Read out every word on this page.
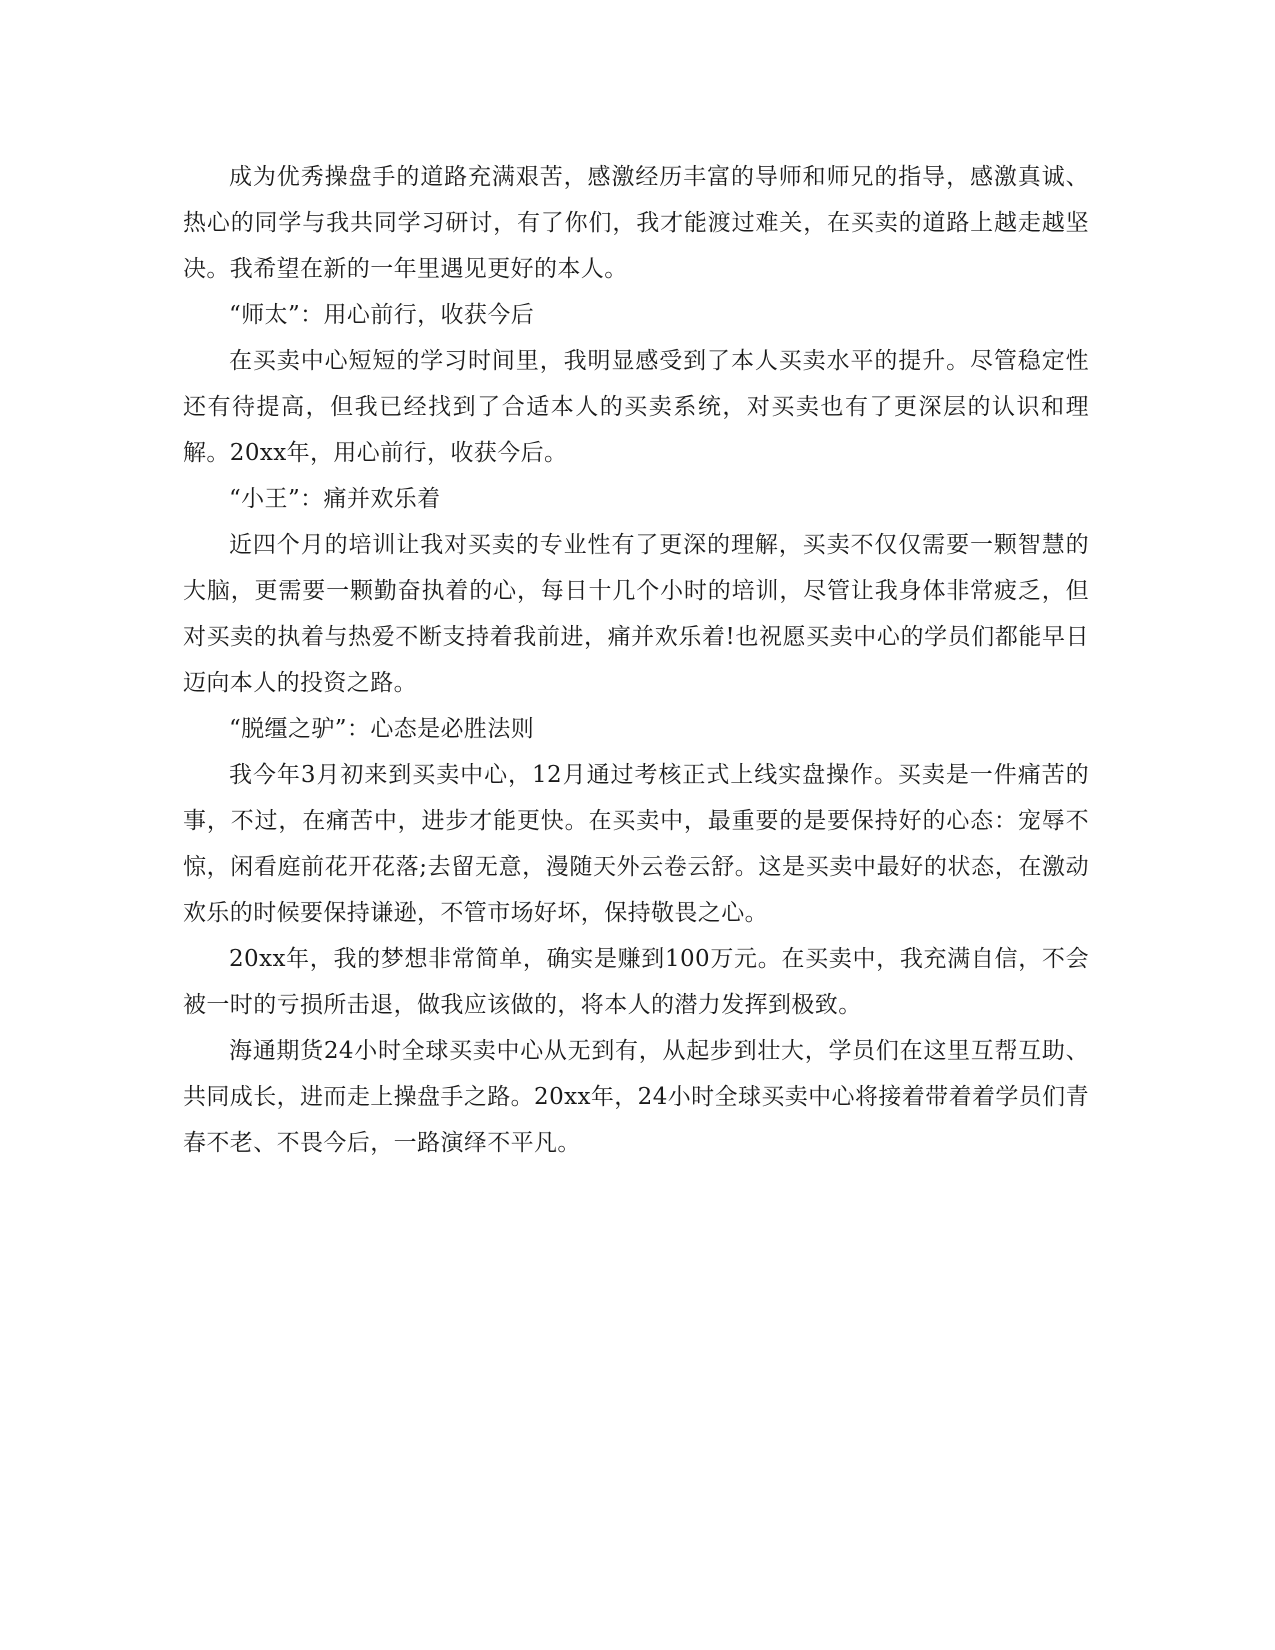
成为优秀操盘手的道路充满艰苦，感激经历丰富的导师和师兄的指导，感激真诚、热心的同学与我共同学习研讨，有了你们，我才能渡过难关，在买卖的道路上越走越坚决。我希望在新的一年里遇见更好的本人。

“师太”：用心前行，收获今后

在买卖中心短短的学习时间里，我明显感受到了本人买卖水平的提升。尽管稳定性还有待提高，但我已经找到了合适本人的买卖系统，对买卖也有了更深层的认识和理解。20xx年，用心前行，收获今后。

“小王”：痛并欢乐着

近四个月的培训让我对买卖的专业性有了更深的理解，买卖不仅仅需要一颗智慧的大脑，更需要一颗勤奋执着的心，每日十几个小时的培训，尽管让我身体非常疲乏，但对买卖的执着与热爱不断支持着我前进，痛并欢乐着!也祝愿买卖中心的学员们都能早日迈向本人的投资之路。

“脱缰之驴”：心态是必胜法则

我今年3月初来到买卖中心，12月通过考核正式上线实盘操作。买卖是一件痛苦的事，不过，在痛苦中，进步才能更快。在买卖中，最重要的是要保持好的心态：宠辱不惊，闲看庭前花开花落;去留无意，漫随天外云卷云舒。这是买卖中最好的状态，在激动欢乐的时候要保持谦逊，不管市场好坏，保持敬畏之心。

20xx年，我的梦想非常简单，确实是赚到100万元。在买卖中，我充满自信，不会被一时的亏损所击退，做我应该做的，将本人的潜力发挥到极致。

海通期货24小时全球买卖中心从无到有，从起步到壮大，学员们在这里互帮互助、共同成长，进而走上操盘手之路。20xx年，24小时全球买卖中心将接着带着着学员们青春不老、不畏今后，一路演绎不平凡。
